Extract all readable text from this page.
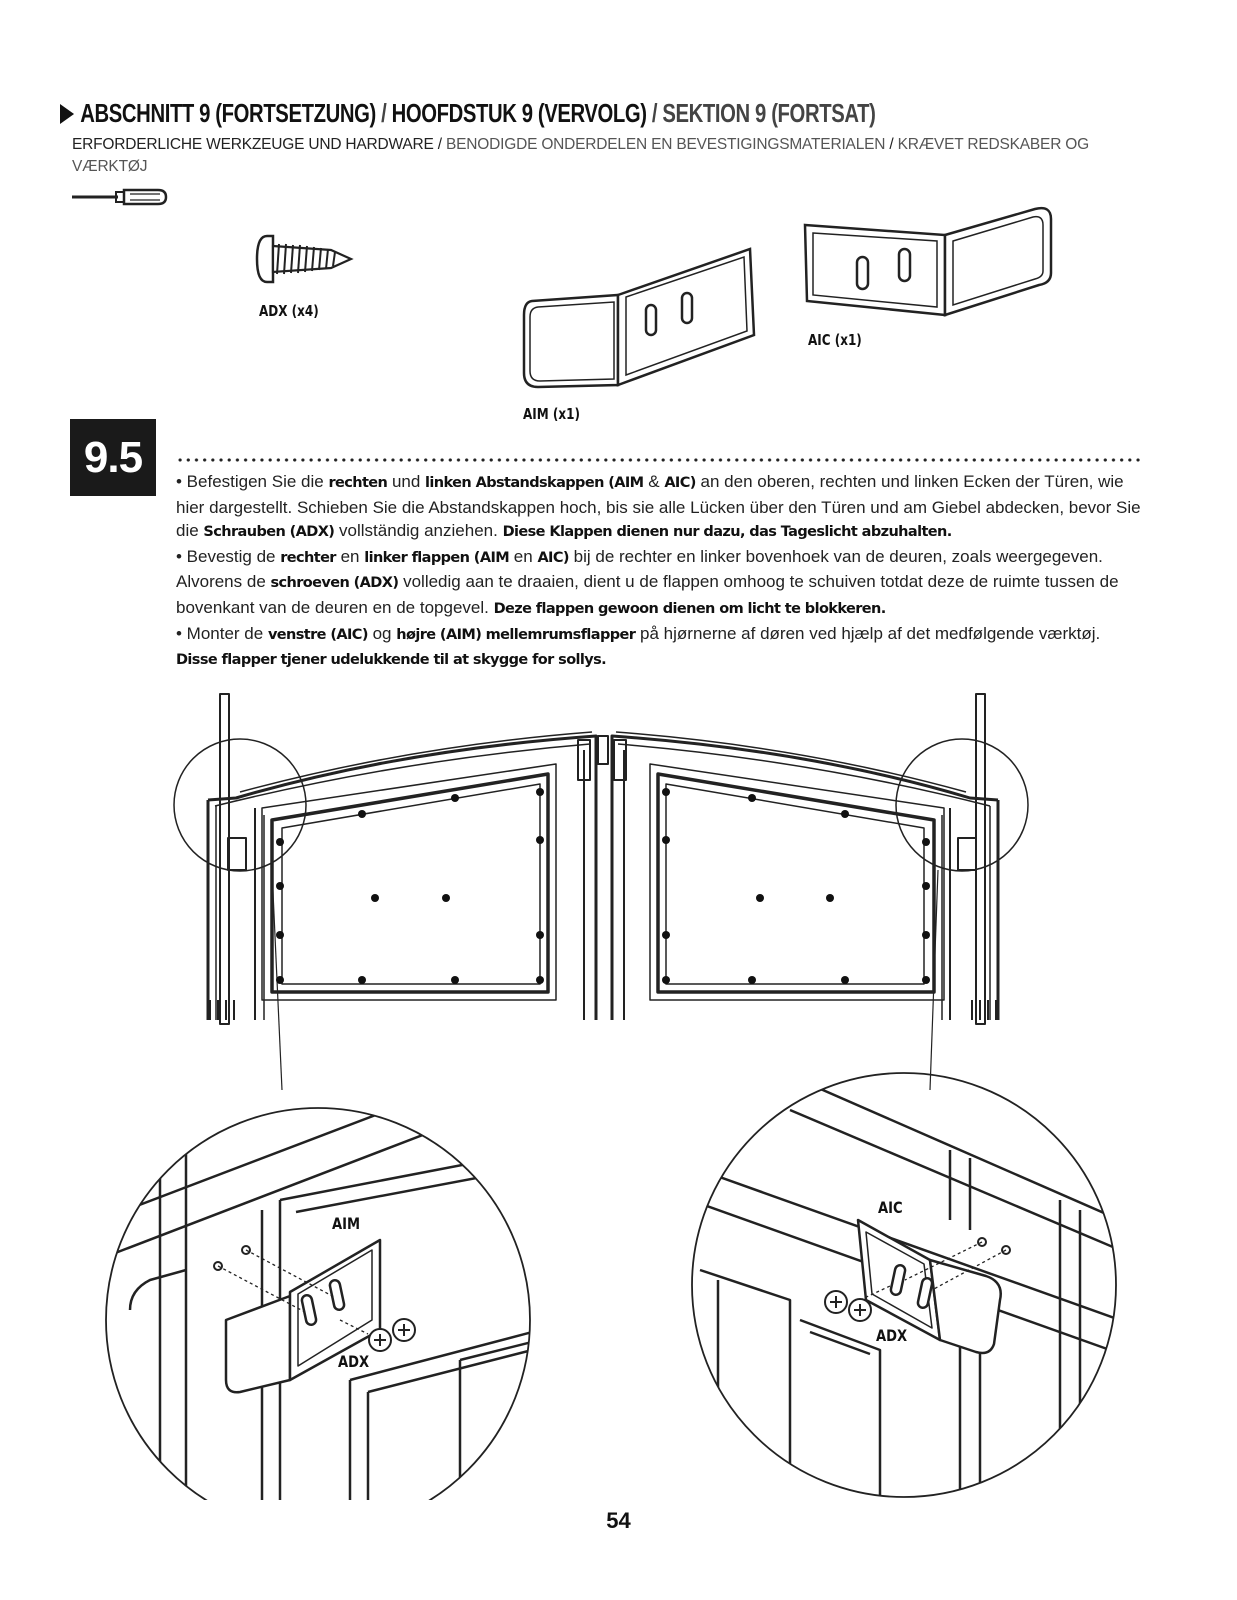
ABSCHNITT 9 (FORTSETZUNG) / HOOFDSTUK 9 (VERVOLG) / SEKTION 9 (FORTSAT)
ERFORDERLICHE WERKZEUGE UND HARDWARE / BENODIGDE ONDERDELEN EN BEVESTIGINGSMATERIALEN / KRÆVET REDSKABER OG VÆRKTØJ
ADX (x4)
AIM (x1)
AIC (x1)
9.5	• Befestigen Sie die rechten und linken Abstandskappen (AIM & AIC) an den oberen, rechten und linken Ecken der Türen, wie hier dargestellt. Schieben Sie die Abstandskappen hoch, bis sie alle Lücken über den Türen und am Giebel abdecken, bevor Sie die Schrauben (ADX) vollständig anziehen. Diese Klappen dienen nur dazu, das Tageslicht abzuhalten.

• Bevestig de rechter en linker flappen (AIM en AIC) bij de rechter en linker bovenhoek van de deuren, zoals weergegeven. Alvorens de schroeven (ADX) volledig aan te draaien, dient u de flappen omhoog te schuiven totdat deze de ruimte tussen de bovenkant van de deuren en de topgevel. Deze flappen gewoon dienen om licht te blokkeren.

• Monter de venstre (AIC) og højre (AIM) mellemrumsflapper på hjørnerne af døren ved hjælp af det medfølgende værktøj. Disse flapper tjener udelukkende til at skygge for sollys.

AIM
ADX
AIC
ADX
54
